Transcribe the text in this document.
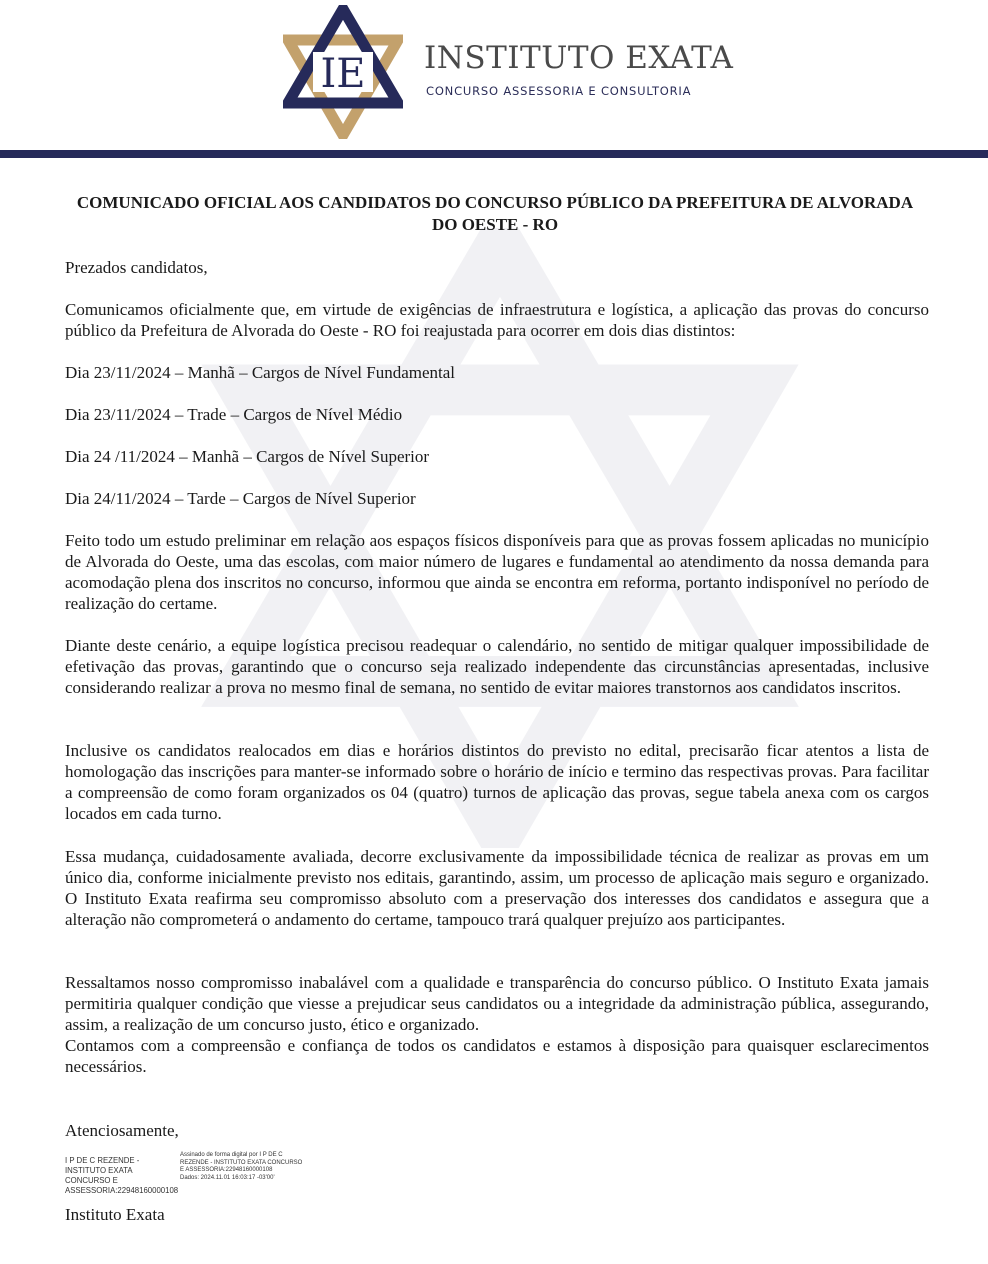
IE INSTITUTO EXATA
CONCURSO ASSESSORIA E CONSULTORIA
COMUNICADO OFICIAL AOS CANDIDATOS DO CONCURSO PÚBLICO DA PREFEITURA DE ALVORADA DO OESTE - RO

Prezados candidatos,

Comunicamos oficialmente que, em virtude de exigências de infraestrutura e logística, a aplicação das provas do concurso público da Prefeitura de Alvorada do Oeste - RO foi reajustada para ocorrer em dois dias distintos:

Dia 23/11/2024 – Manhã – Cargos de Nível Fundamental

Dia 23/11/2024 – Trade – Cargos de Nível Médio

Dia 24 /11/2024 – Manhã – Cargos de Nível Superior

Dia 24/11/2024 – Tarde – Cargos de Nível Superior

Feito todo um estudo preliminar em relação aos espaços físicos disponíveis para que as provas fossem aplicadas no município de Alvorada do Oeste, uma das escolas, com maior número de lugares e fundamental ao atendimento da nossa demanda para acomodação plena dos inscritos no concurso, informou que ainda se encontra em reforma, portanto indisponível no período de realização do certame.

Diante deste cenário, a equipe logística precisou readequar o calendário, no sentido de mitigar qualquer impossibilidade de efetivação das provas, garantindo que o concurso seja realizado independente das circunstâncias apresentadas, inclusive considerando realizar a prova no mesmo final de semana, no sentido de evitar maiores transtornos aos candidatos inscritos.

Inclusive os candidatos realocados em dias e horários distintos do previsto no edital, precisarão ficar atentos a lista de homologação das inscrições para manter-se informado sobre o horário de início e termino das respectivas provas. Para facilitar a compreensão de como foram organizados os 04 (quatro) turnos de aplicação das provas, segue tabela anexa com os cargos locados em cada turno.

Essa mudança, cuidadosamente avaliada, decorre exclusivamente da impossibilidade técnica de realizar as provas em um único dia, conforme inicialmente previsto nos editais, garantindo, assim, um processo de aplicação mais seguro e organizado. O Instituto Exata reafirma seu compromisso absoluto com a preservação dos interesses dos candidatos e assegura que a alteração não comprometerá o andamento do certame, tampouco trará qualquer prejuízo aos participantes.

Ressaltamos nosso compromisso inabalável com a qualidade e transparência do concurso público. O Instituto Exata jamais permitiria qualquer condição que viesse a prejudicar seus candidatos ou a integridade da administração pública, assegurando, assim, a realização de um concurso justo, ético e organizado.

Contamos com a compreensão e confiança de todos os candidatos e estamos à disposição para quaisquer esclarecimentos necessários.

Atenciosamente,

I P DE C REZENDE - INSTITUTO EXATA CONCURSO E ASSESSORIA:22948160000108
Assinado de forma digital por I P DE C REZENDE - INSTITUTO EXATA CONCURSO E ASSESSORIA:22948160000108
Dados: 2024.11.01 16:03:17 -03'00'

Instituto Exata
